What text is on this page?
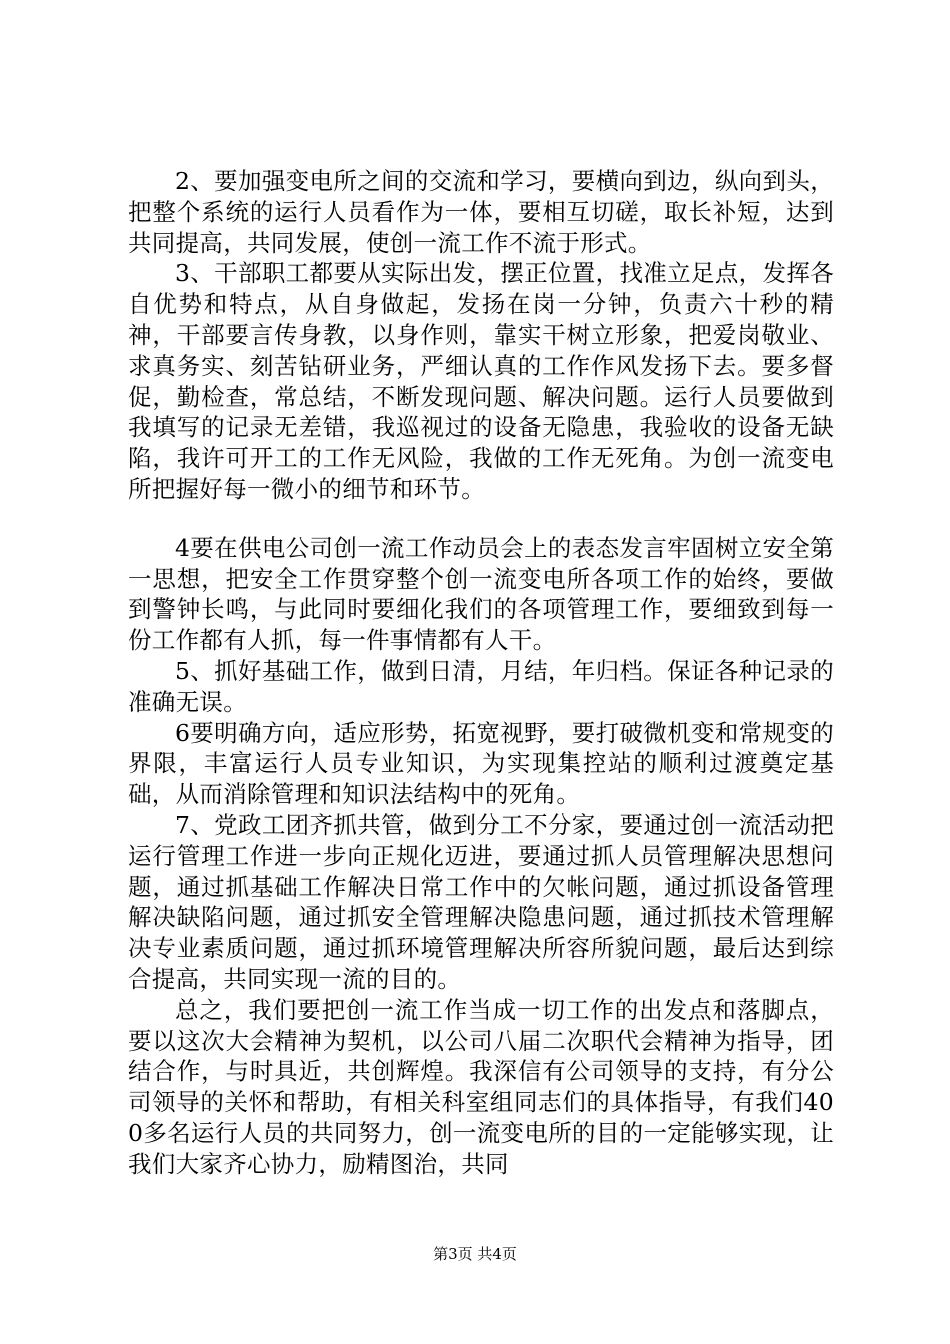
2、要加强变电所之间的交流和学习，要横向到边，纵向到头，把整个系统的运行人员看作为一体，要相互切磋，取长补短，达到共同提高，共同发展，使创一流工作不流于形式。

3、干部职工都要从实际出发，摆正位置，找准立足点，发挥各自优势和特点，从自身做起，发扬在岗一分钟，负责六十秒的精神，干部要言传身教，以身作则，靠实干树立形象，把爱岗敬业、求真务实、刻苦钻研业务，严细认真的工作作风发扬下去。要多督促，勤检查，常总结，不断发现问题、解决问题。运行人员要做到我填写的记录无差错，我巡视过的设备无隐患，我验收的设备无缺陷，我许可开工的工作无风险，我做的工作无死角。为创一流变电所把握好每一微小的细节和环节。

4要在供电公司创一流工作动员会上的表态发言牢固树立安全第一思想，把安全工作贯穿整个创一流变电所各项工作的始终，要做到警钟长鸣，与此同时要细化我们的各项管理工作，要细致到每一份工作都有人抓，每一件事情都有人干。

5、抓好基础工作，做到日清，月结，年归档。保证各种记录的准确无误。

6要明确方向，适应形势，拓宽视野，要打破微机变和常规变的界限，丰富运行人员专业知识，为实现集控站的顺利过渡奠定基础，从而消除管理和知识法结构中的死角。

7、党政工团齐抓共管，做到分工不分家，要通过创一流活动把运行管理工作进一步向正规化迈进，要通过抓人员管理解决思想问题，通过抓基础工作解决日常工作中的欠帐问题，通过抓设备管理解决缺陷问题，通过抓安全管理解决隐患问题，通过抓技术管理解决专业素质问题，通过抓环境管理解决所容所貌问题，最后达到综合提高，共同实现一流的目的。

总之，我们要把创一流工作当成一切工作的出发点和落脚点，要以这次大会精神为契机，以公司八届二次职代会精神为指导，团结合作，与时具近，共创辉煌。我深信有公司领导的支持，有分公司领导的关怀和帮助，有相关科室组同志们的具体指导，有我们400多名运行人员的共同努力，创一流变电所的目的一定能够实现，让我们大家齐心协力，励精图治，共同

第3页 共4页
